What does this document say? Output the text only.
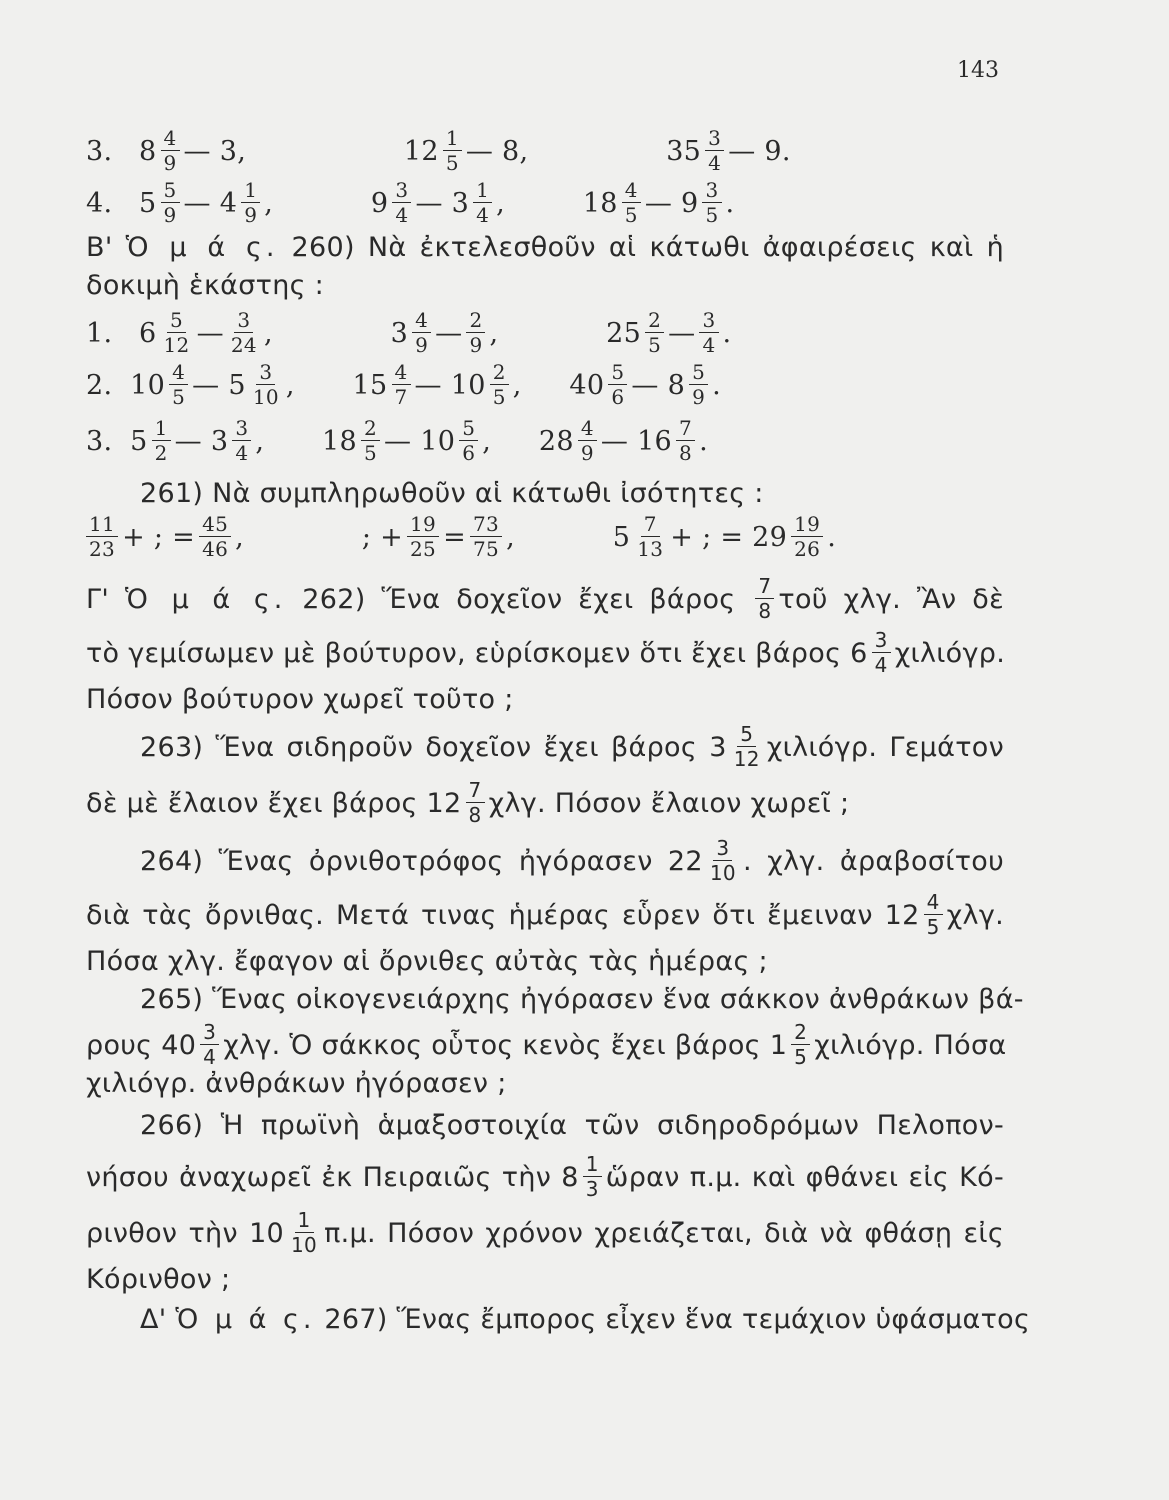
143
3. $8 \frac{4}{9}$ — 3,	$12 \frac{1}{5}$ — 8,	$35 \frac{3}{4}$ — 9.
4. $5 \frac{5}{9}$ — $4 \frac{1}{9}$ ,	$9 \frac{3}{4}$ — $3 \frac{1}{4}$ ,	$18 \frac{4}{5}$ — $9 \frac{3}{5}$ .
Β' Ὁ μ ά ς. 260) Νὰ ἐκτελεσθοῦν αἱ κάτωθι ἀφαιρέσεις καὶ ἡ
δοκιμὴ ἑκάστης :
1. $6 \frac{5}{12}$ — $\frac{3}{24}$ ,	$3 \frac{4}{9}$ — $\frac{2}{9}$ ,	$25 \frac{2}{5}$ — $\frac{3}{4}$ .
2. $10 \frac{4}{5}$ — $5 \frac{3}{10}$ , $15 \frac{4}{7}$ — $10 \frac{2}{5}$ , $40 \frac{5}{6}$ — $8 \frac{5}{9}$ .
3. $5 \frac{1}{2}$ — $3 \frac{3}{4}$ , $18 \frac{2}{5}$ — $10 \frac{5}{6}$ , $28 \frac{4}{9}$ — $16 \frac{7}{8}$ .
261) Νὰ συμπληρωθοῦν αἱ κάτωθι ἰσότητες :
$\frac{11}{23}$ + ; = $\frac{45}{46}$ ,	; + $\frac{19}{25} = \frac{73}{75}$ ,	$5 \frac{7}{13}$ + ; = $29 \frac{19}{26}$ .
Γ' Ὁ μ ά ς. 262) Ἕνα δοχεῖον ἔχει βάρος $\frac{7}{8}$ τοῦ χλγ. Ἂν δὲ
τὸ γεμίσωμεν μὲ βούτυρον, εὑρίσκομεν ὅτι ἔχει βάρος $6 \frac{3}{4} \chi\iota\lambda\iota ό\gamma\rho$.
Πόσον βούτυρον χωρεῖ τοῦτο ;
263) Ἕνα σιδηροῦν δοχεῖον ἔχει βάρος $3 \frac{5}{12} \chi\iota\lambda\iota ό\gamma\rho$. Γεμάτον
δὲ μὲ ἔλαιον ἔχει βάρος $12 \frac{7}{8} \chi\lambda\gamma$. Πόσον ἔλαιον χωρεῖ ;
264) Ἕνας ὀρνιθοτρόφος ἠγόρασεν $22 \frac{3}{10}$ . χλγ. ἀραβοσίτου
διὰ τὰς ὄρνιθας. Μετά τινας ἡμέρας εὗρεν ὅτι ἔμειναν $12 \frac{4}{5} \chi\lambda\gamma$.
Πόσα χλγ. ἔφαγον αἱ ὄρνιθες αὐτὰς τὰς ἡμέρας ;
265) Ἕνας οἰκογενειάρχης ἠγόρασεν ἕνα σάκκον ἀνθράκων βά-
ρους $40 \frac{3}{4} \chi\lambda\gamma$. Ὁ σάκκος οὗτος κενὸς ἔχει βάρος $1 \frac{2}{5} \chi\iota\lambda\iota ό\gamma\rho$. Πόσα
χιλιόγρ. ἀνθράκων ἠγόρασεν ;
266) Ἡ πρωϊνὴ ἁμαξοστοιχία τῶν σιδηροδρόμων Πελοπον-
νήσου ἀναχωρεῖ ἐκ Πειραιῶς τὴν $8 \frac{1}{3}$ ὥραν π.μ. καὶ φθάνει εἰς Κό-
ρινθον τὴν $10 \frac{1}{10} \pi.\mu$. Πόσον χρόνον χρειάζεται, διὰ νὰ φθάσῃ εἰς
Κόρινθον ;
Δ' Ὁ μ ά ς. 267) Ἕνας ἔμπορος εἶχεν ἕνα τεμάχιον ὑφάσματος
